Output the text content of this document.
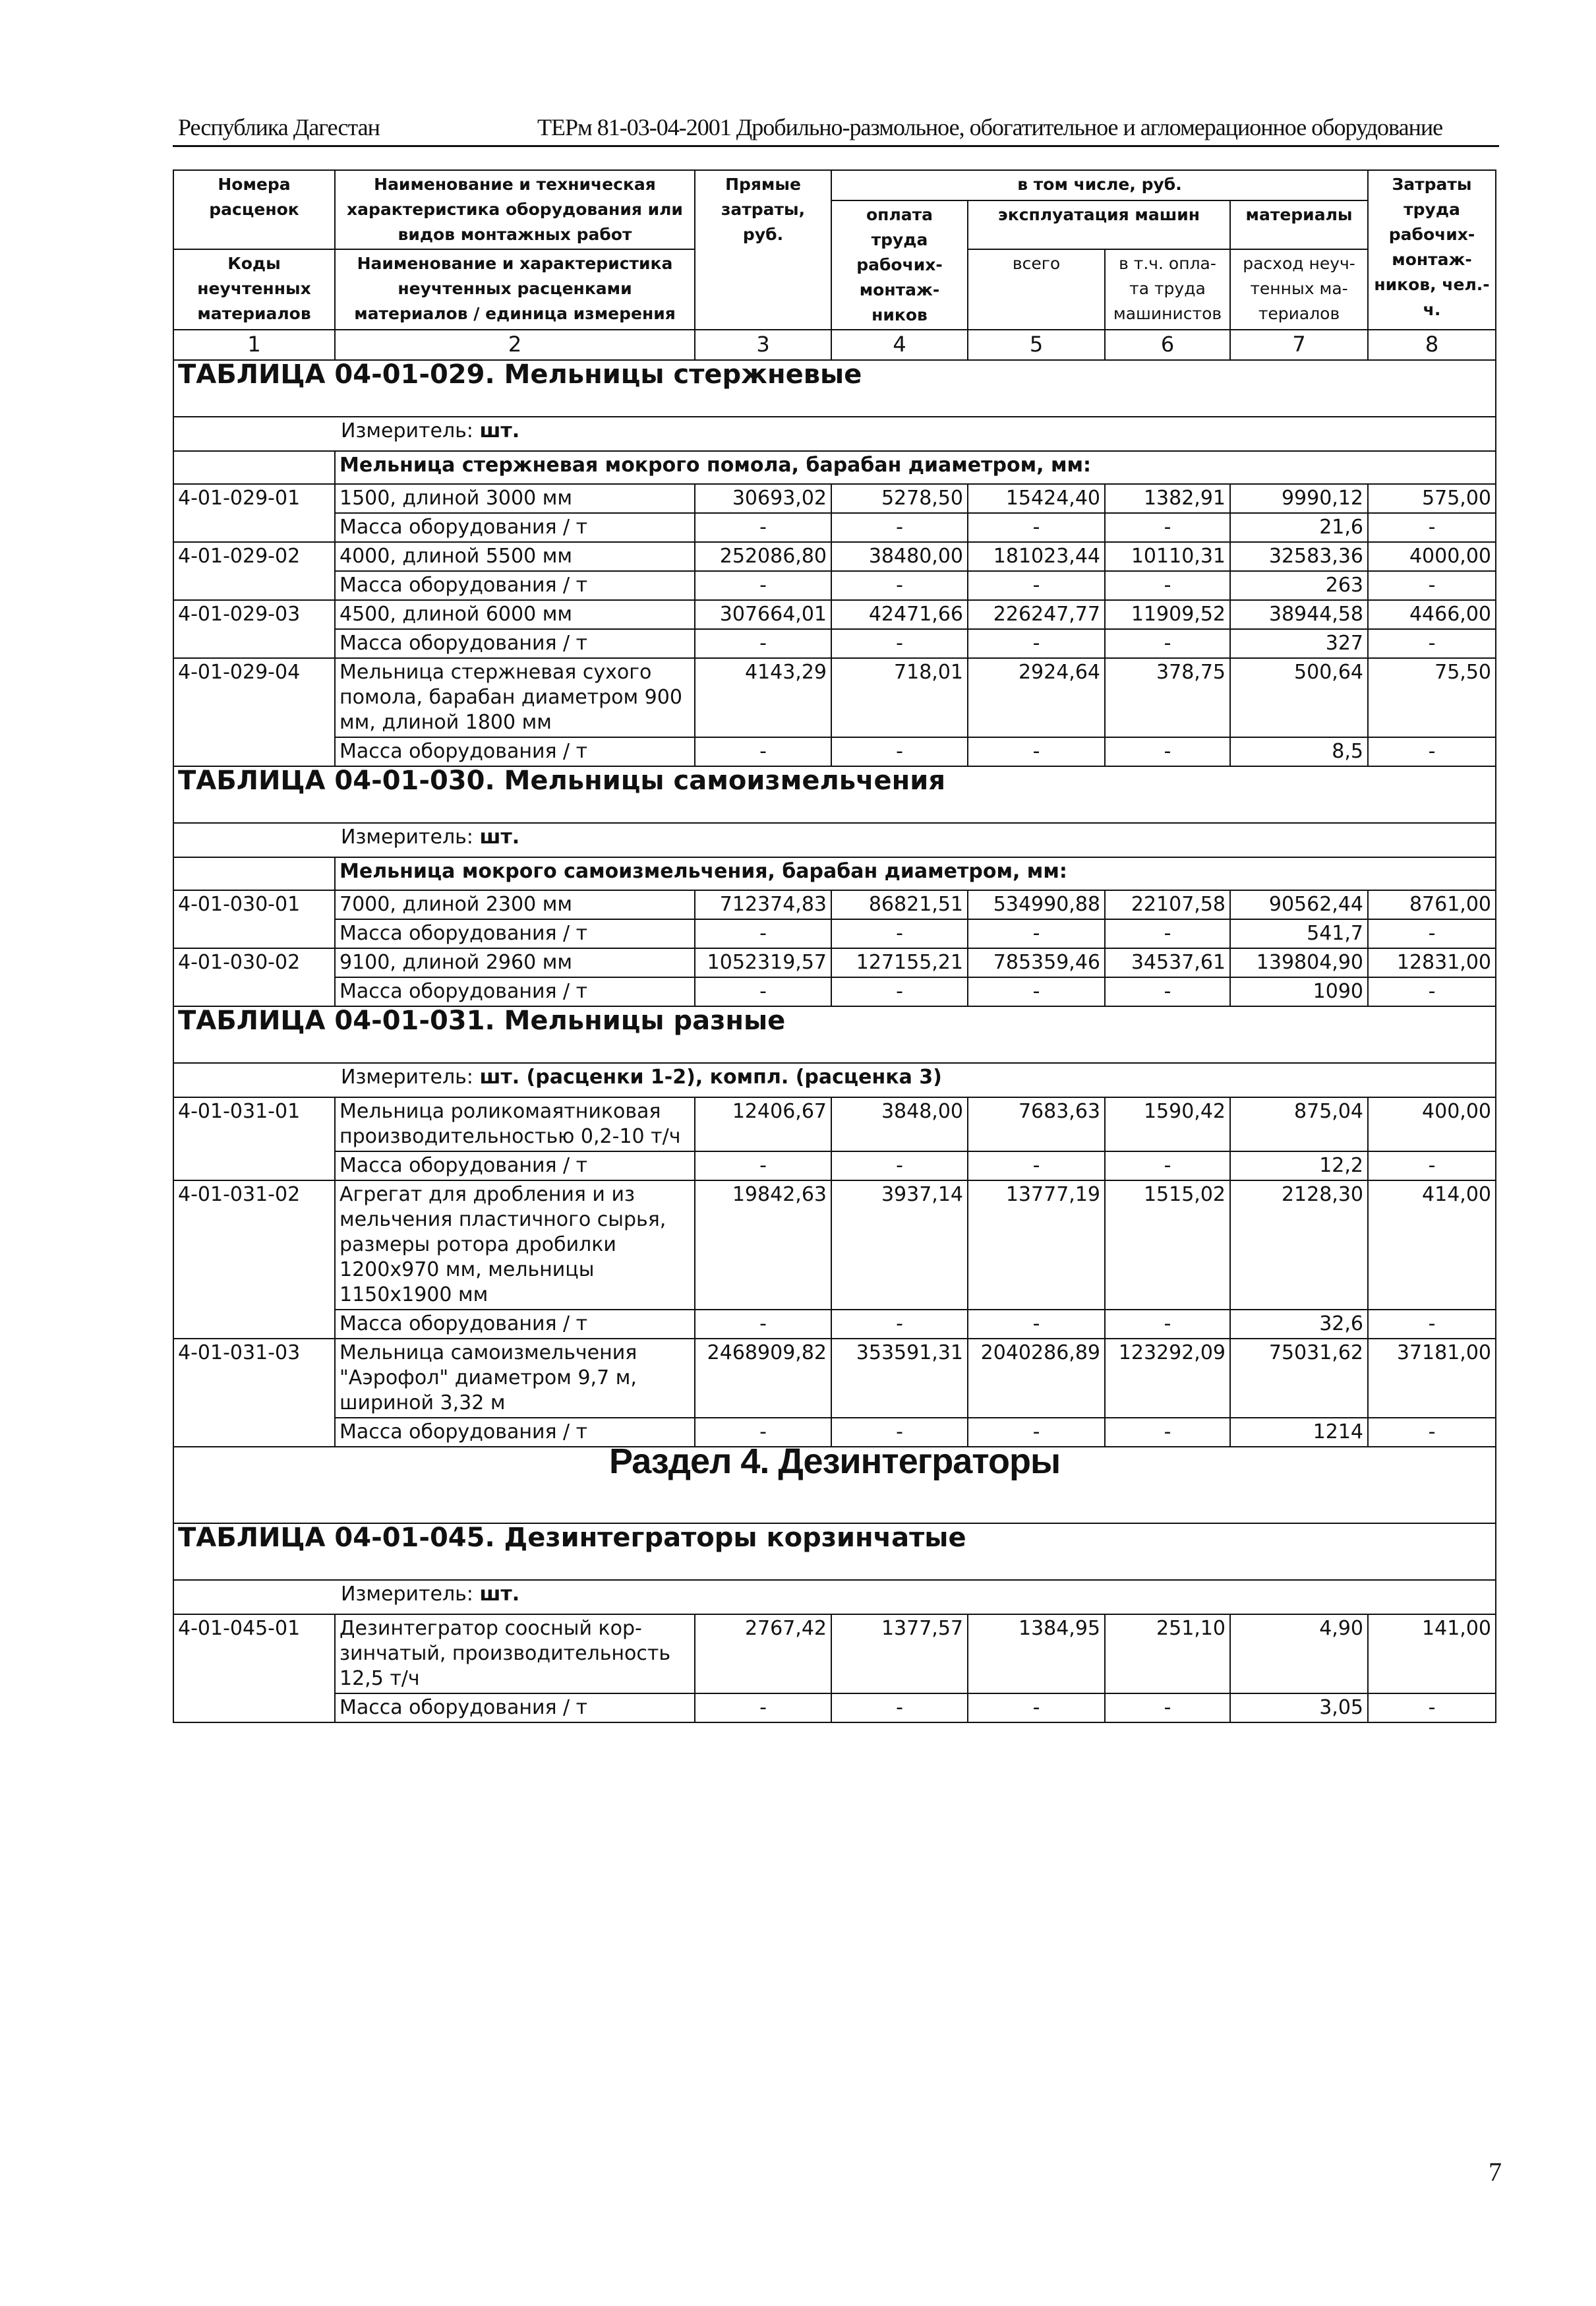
Республика Дагестан	ТЕРм 81-03-04-2001 Дробильно-размольное, обогатительное и агломерационное оборудование
Номера расценок	Наименование и техническая характеристика оборудования или видов монтажных работ	Прямые затраты, руб.	в том числе, руб.				Затраты труда рабочих-монтаж-ников, чел.-ч.
			оплата труда рабочих-монтаж-ников	эксплуатация машин		материалы	
Коды неучтенных материалов	Наименование и характеристика неучтенных расценками материалов / единица измерения			всего	в т.ч. опла-та труда машинистов	расход неуч-тенных ма-териалов	

1	2	3	4	5	6	7	8
ТАБЛИЦА 04-01-029. Мельницы стержневые							
Измеритель: шт.							
	Мельница стержневая мокрого помола, барабан диаметром, мм:						
4-01-029-01	1500, длиной 3000 мм	30693,02	5278,50	15424,40	1382,91	9990,12	575,00
	Масса оборудования / т	-	-	-	-	21,6	-
4-01-029-02	4000, длиной 5500 мм	252086,80	38480,00	181023,44	10110,31	32583,36	4000,00
	Масса оборудования / т	-	-	-	-	263	-
4-01-029-03	4500, длиной 6000 мм	307664,01	42471,66	226247,77	11909,52	38944,58	4466,00
	Масса оборудования / т	-	-	-	-	327	-
4-01-029-04	Мельница стержневая сухого помола, барабан диаметром 900 мм, длиной 1800 мм	4143,29	718,01	2924,64	378,75	500,64	75,50
	Масса оборудования / т	-	-	-	-	8,5	-
ТАБЛИЦА 04-01-030. Мельницы самоизмельчения							
Измеритель: шт.							
	Мельница мокрого самоизмельчения, барабан диаметром, мм:						
4-01-030-01	7000, длиной 2300 мм	712374,83	86821,51	534990,88	22107,58	90562,44	8761,00
	Масса оборудования / т	-	-	-	-	541,7	-
4-01-030-02	9100, длиной 2960 мм	1052319,57	127155,21	785359,46	34537,61	139804,90	12831,00
	Масса оборудования / т	-	-	-	-	1090	-
ТАБЛИЦА 04-01-031. Мельницы разные							
Измеритель: шт. (расценки 1-2), компл. (расценка 3)							
4-01-031-01	Мельница роликомаятниковая производительностью 0,2-10 т/ч	12406,67	3848,00	7683,63	1590,42	875,04	400,00
	Масса оборудования / т	-	-	-	-	12,2	-
4-01-031-02	Агрегат для дробления и из мельчения пластичного сырья, размеры ротора дробилки 1200х970 мм, мельницы 1150х1900 мм	19842,63	3937,14	13777,19	1515,02	2128,30	414,00
	Масса оборудования / т	-	-	-	-	32,6	-
4-01-031-03	Мельница самоизмельчения "Аэрофол" диаметром 9,7 м, шириной 3,32 м	2468909,82	353591,31	2040286,89	123292,09	75031,62	37181,00
	Масса оборудования / т	-	-	-	-	1214	-
Раздел 4. Дезинтеграторы							
ТАБЛИЦА 04-01-045. Дезинтеграторы корзинчатые							
Измеритель: шт.							
4-01-045-01	Дезинтегратор соосный кор-зинчатый, производительность 12,5 т/ч	2767,42	1377,57	1384,95	251,10	4,90	141,00
	Масса оборудования / т	-	-	-	-	3,05	-
7
